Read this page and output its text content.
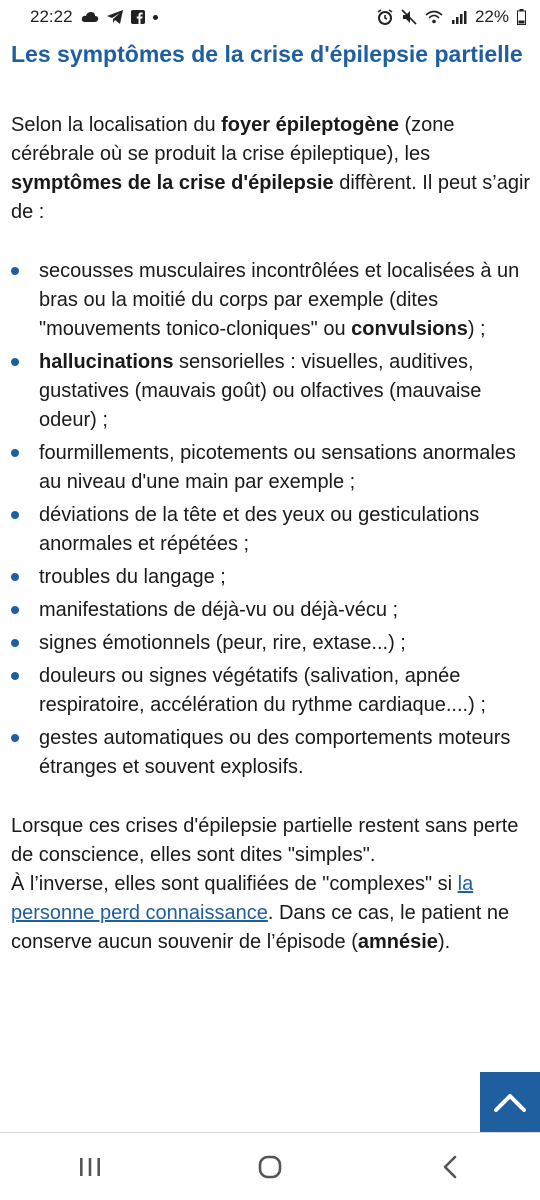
22:22	22%
Les symptômes de la crise d'épilepsie partielle
Selon la localisation du foyer épileptogène (zone cérébrale où se produit la crise épileptique), les symptômes de la crise d'épilepsie diffèrent. Il peut s’agir de :
secousses musculaires incontrôlées et localisées à un bras ou la moitié du corps par exemple (dites "mouvements tonico-cloniques" ou convulsions) ;
hallucinations sensorielles : visuelles, auditives, gustatives (mauvais goût) ou olfactives (mauvaise odeur) ;
fourmillements, picotements ou sensations anormales au niveau d'une main par exemple ;
déviations de la tête et des yeux ou gesticulations anormales et répétées ;
troubles du langage ;
manifestations de déjà-vu ou déjà-vécu ;
signes émotionnels (peur, rire, extase...) ;
douleurs ou signes végétatifs (salivation, apnée respiratoire, accélération du rythme cardiaque....) ;
gestes automatiques ou des comportements moteurs étranges et souvent explosifs.
Lorsque ces crises d'épilepsie partielle restent sans perte de conscience, elles sont dites "simples".
À l’inverse, elles sont qualifiées de "complexes" si la personne perd connaissance. Dans ce cas, le patient ne conserve aucun souvenir de l’épisode (amnésie).
